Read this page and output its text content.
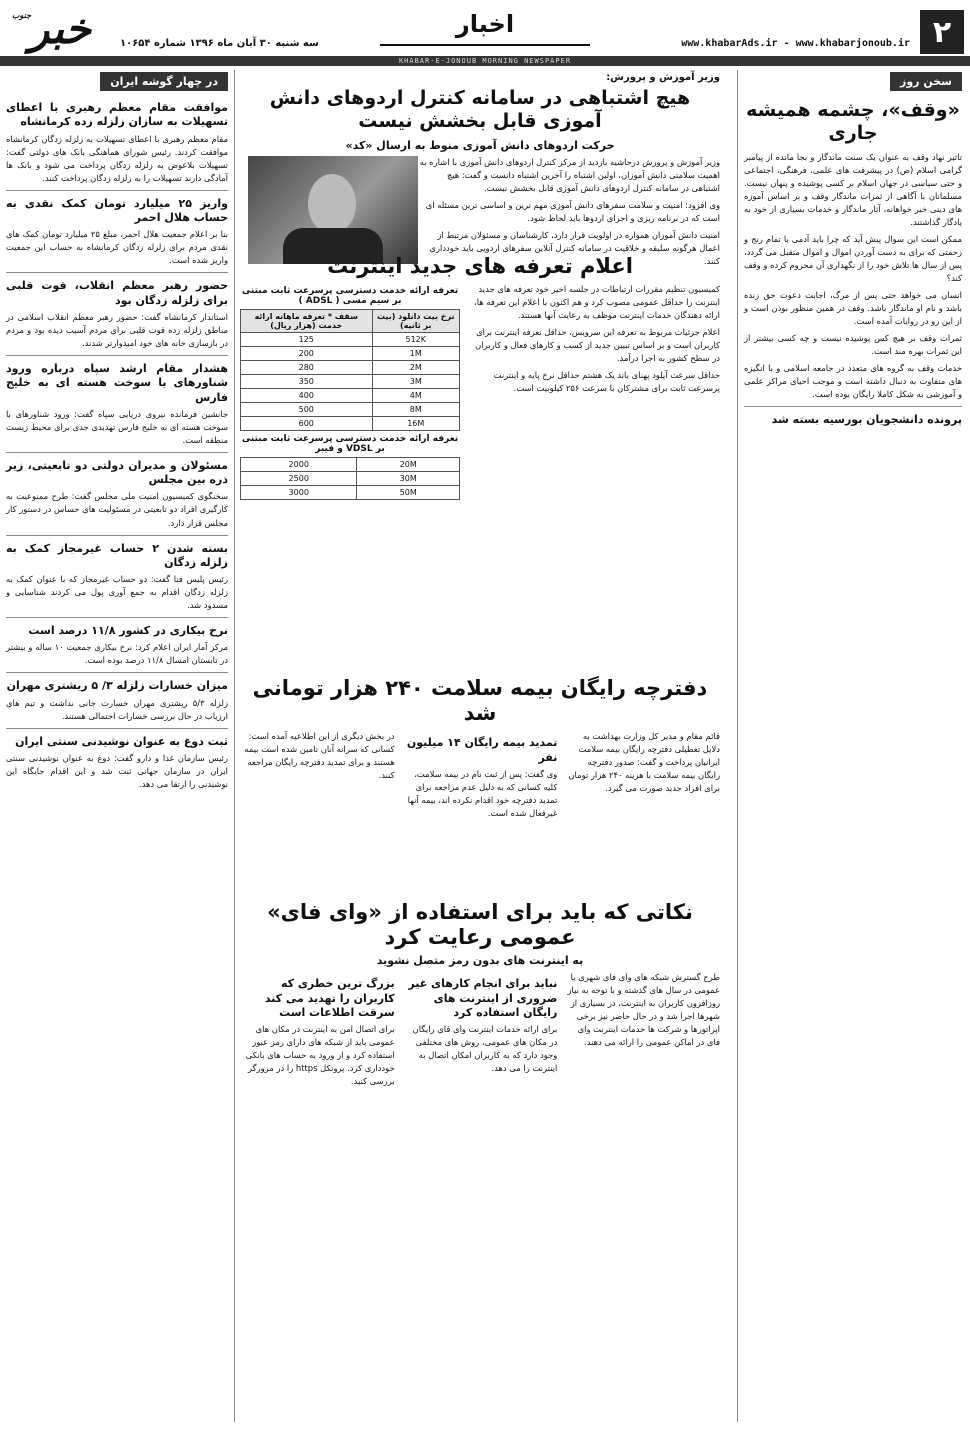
۲
www.khabarAds.ir - www.khabarjonoub.ir
اخبار
سه شنبه ۳۰ آبان ماه ۱۳۹۶ شماره ۱۰۶۵۴
خبر
جنوب
KHABAR-E-JONOUB MORNING NEWSPAPER
سخن روز
«وقف»، چشمه همیشه جاری

تاثیر نهاد وقف به عنوان یک سنت ماندگار و بجا مانده از پیامبر گرامی اسلام (ص) در پیشرفت های علمی، فرهنگی، اجتماعی و حتی سیاسی در جهان اسلام بر کسی پوشیده و پنهان نیست. مسلمانان با آگاهی از ثمرات ماندگار وقف و بر اساس آموزه های دینی خیر خواهانه، آثار ماندگار و خدمات بسیاری از خود به یادگار گذاشتند.

ممکن است این سوال پیش آید که چرا باید آدمی با تمام رنج و زحمتی که برای به دست آوردن اموال و اموال متقبل می گردد، پس از سال ها تلاش خود را از نگهداری آن محروم کرده و وقف کند؟

انسان می خواهد حتی پس از مرگ، اجابت دعوت حق زنده باشد و نام او ماندگار باشد. وقف در همین منظور بودن است و از این رو در روایات آمده است.

ثمرات وقف بر هیچ کس پوشیده نیست و چه کسی بیشتر از این ثمرات بهره مند است.

خدمات وقف به گروه های متعدد در جامعه اسلامی و با انگیزه های متفاوت به دنبال داشته است و موجب احیای مراکز علمی و آموزشی به شکل کاملا رایگان بوده است.

پرونده دانشجویان بورسیه بسته شد
وزیر آموزش و پرورش:
هیچ اشتباهی در سامانه کنترل اردوهای دانش آموزی قابل بخشش نیست
حرکت اردوهای دانش آموزی منوط به ارسال «کد»

وزیر آموزش و پرورش درحاشیه بازدید از مرکز کنترل اردوهای دانش آموزی با اشاره به اهمیت سلامتی دانش آموزان، اولین اشتباه را آخرین اشتباه دانست و گفت: هیچ اشتباهی در سامانه کنترل اردوهای دانش آموزی قابل بخشش نیست.

وی افزود: امنیت و سلامت سفرهای دانش آموزی مهم ترین و اساسی ترین مسئله ای است که در برنامه ریزی و اجرای اردوها باید لحاظ شود.

امنیت دانش آموزان همواره در اولویت قرار دارد، کارشناسان و مسئولان مرتبط از اعمال هرگونه سلیقه و خلاقیت در سامانه کنترل آنلاین سفرهای اردویی باید خودداری کنند.

اعلام تعرفه های جدید اینترنت
تعرفه ارائه خدمت دسترسی پرسرعت ثابت مبتنی بر سیم مسی ( ADSL )
نرخ بیت دانلود (بیت بر ثانیه)	سقف * تعرفه ماهانه ارائه خدمت (هزار ریال)
512K	125
1M	200
2M	280
3M	350
4M	400
8M	500
16M	600
تعرفه ارائه خدمت دسترسی پرسرعت ثابت مبتنی بر VDSL و فیبر
20M	2000
30M	2500
50M	3000

کمیسیون تنظیم مقررات ارتباطات در جلسه اخیر خود تعرفه های جدید اینترنت را حداقل عمومی مصوب کرد و هم اکنون با اعلام این تعرفه ها، ارائه دهندگان خدمات اینترنت موظف به رعایت آنها هستند.

اعلام جزئیات مربوط به تعرفه این سرویس، حداقل تعرفه اینترنت برای کاربران است و بر اساس تبیین جدید از کسب و کارهای فعال و کاربران در سطح کشور به اجرا درآمد.

حداقل سرعت آپلود پهنای باند یک هشتم حداقل نرخ پایه و اینترنت پرسرعت ثابت برای مشترکان با سرعت ۲۵۶ کیلوبیت است.

دفترچه رایگان بیمه سلامت ۲۴۰ هزار تومانی شد

قائم مقام و مدیر کل وزارت بهداشت به دلایل تعطیلی دفترچه رایگان بیمه سلامت ایرانیان پرداخت و گفت: صدور دفترچه رایگان بیمه سلامت با هزینه ۲۴۰ هزار تومان برای افراد جدید صورت می گیرد.

تمدید بیمه رایگان ۱۴ میلیون نفر

وی گفت: پس از ثبت نام در بیمه سلامت، کلیه کسانی که به دلیل عدم مراجعه برای تمدید دفترچه خود اقدام نکرده اند، بیمه آنها غیرفعال شده است.

در بخش دیگری از این اطلاعیه آمده است: کسانی که سرانه آنان تامین شده است بیمه هستند و برای تمدید دفترچه رایگان مراجعه کنند.

نکاتی که باید برای استفاده از «وای فای» عمومی رعایت کرد
به اینترنت های بدون رمز متصل نشوید

طرح گسترش شبکه های وای فای شهری یا عمومی در سال های گذشته و با توجه به نیاز روزافزون کاربران به اینترنت، در بسیاری از شهرها اجرا شد و در حال حاضر نیز برخی اپراتورها و شرکت ها خدمات اینترنت وای فای در اماکن عمومی را ارائه می دهند.

نباید برای انجام کارهای غیر ضروری از اینترنت های رایگان استفاده کرد

برای ارائه خدمات اینترنت وای فای رایگان در مکان های عمومی، روش های مختلفی وجود دارد که به کاربران امکان اتصال به اینترنت را می دهد.

بزرگ ترین خطری که کاربران را تهدید می کند سرقت اطلاعات است

برای اتصال امن به اینترنت در مکان های عمومی باید از شبکه های دارای رمز عبور استفاده کرد و از ورود به حساب های بانکی خودداری کرد. پروتکل https را در مرورگر بررسی کنید.

در چهار گوشه ایران
موافقت مقام معظم رهبری با اعطای تسهیلات به سازان زلزله زده کرمانشاه

مقام معظم رهبری با اعطای تسهیلات به زلزله زدگان کرمانشاه موافقت کردند. رئیس شورای هماهنگی بانک های دولتی گفت: تسهیلات بلاعوض به زلزله زدگان پرداخت می شود و بانک ها آمادگی دارند تسهیلات را به زلزله زدگان پرداخت کنند.

واریز ۲۵ میلیارد تومان کمک نقدی به حساب هلال احمر

بنا بر اعلام جمعیت هلال احمر، مبلغ ۲۵ میلیارد تومان کمک های نقدی مردم برای زلزله زدگان کرمانشاه به حساب این جمعیت واریز شده است.

حضور رهبر معظم انقلاب، قوت قلبی برای زلزله زدگان بود

استاندار کرمانشاه گفت: حضور رهبر معظم انقلاب اسلامی در مناطق زلزله زده قوت قلبی برای مردم آسیب دیده بود و مردم در بازسازی خانه های خود امیدوارتر شدند.

هشدار مقام ارشد سپاه درباره ورود شناورهای با سوخت هسته ای به خلیج فارس

جانشین فرمانده نیروی دریایی سپاه گفت: ورود شناورهای با سوخت هسته ای به خلیج فارس تهدیدی جدی برای محیط زیست منطقه است.

مسئولان و مدیران دولتی دو تابعیتی، زیر ذره بین مجلس

سخنگوی کمیسیون امنیت ملی مجلس گفت: طرح ممنوعیت به کارگیری افراد دو تابعیتی در مسئولیت های حساس در دستور کار مجلس قرار دارد.

بسته شدن ۲ حساب غیرمجاز کمک به زلزله زدگان

رئیس پلیس فتا گفت: دو حساب غیرمجاز که با عنوان کمک به زلزله زدگان اقدام به جمع آوری پول می کردند شناسایی و مسدود شد.

نرخ بیکاری در کشور ۱۱/۸ درصد است

مرکز آمار ایران اعلام کرد: نرخ بیکاری جمعیت ۱۰ ساله و بیشتر در تابستان امسال ۱۱/۸ درصد بوده است.

میزان خسارات زلزله ۳/ ۵ ریشتری مهران

زلزله ۵/۳ ریشتری مهران خسارت جانی نداشت و تیم های ارزیاب در حال بررسی خسارات احتمالی هستند.

ثبت دوغ به عنوان نوشیدنی سنتی ایران

رئیس سازمان غذا و دارو گفت: دوغ به عنوان نوشیدنی سنتی ایران در سازمان جهانی ثبت شد و این اقدام جایگاه این نوشیدنی را ارتقا می دهد.
